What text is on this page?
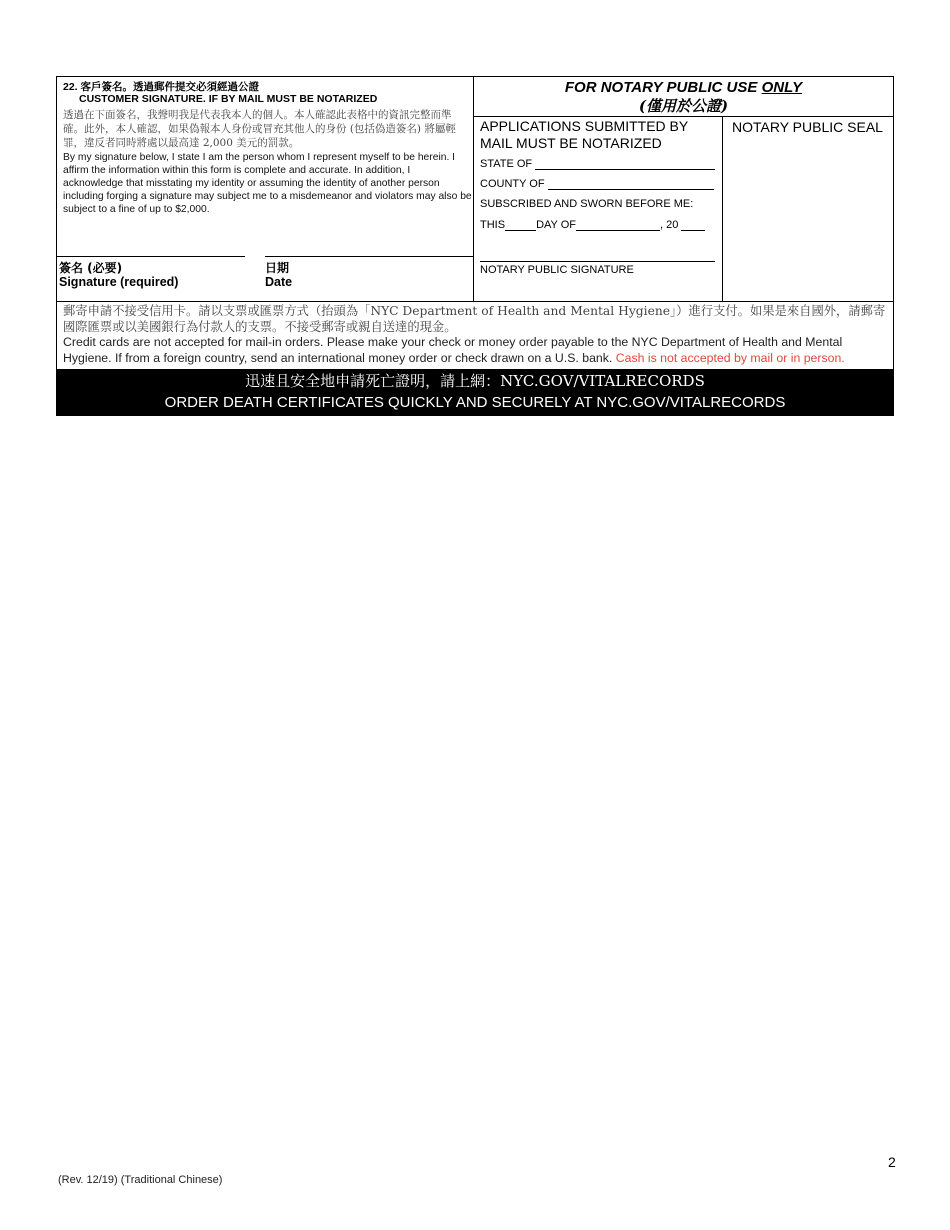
22. 客戶簽名。透過郵件提交必須經過公證
CUSTOMER SIGNATURE. IF BY MAIL MUST BE NOTARIZED
透過在下面簽名，我聲明我是代表我本人的個人。本人確認此表格中的資訊完整而準確。此外，本人確認，如果偽報本人身份或冒充其他人的身份 (包括偽造簽名) 將屬輕罪，違反者同時將處以最高達 2,000 美元的罰款。
By my signature below, I state I am the person whom I represent myself to be herein. I affirm the information within this form is complete and accurate. In addition, I acknowledge that misstating my identity or assuming the identity of another person including forging a signature may subject me to a misdemeanor and violators may also be subject to a fine of up to $2,000.
簽名 (必要)
Signature (required)
日期
Date
FOR NOTARY PUBLIC USE ONLY
(僅用於公證)
APPLICATIONS SUBMITTED BY MAIL MUST BE NOTARIZED
STATE OF
COUNTY OF
SUBSCRIBED AND SWORN BEFORE ME:
THIS	DAY OF	, 20
NOTARY PUBLIC SIGNATURE
NOTARY PUBLIC SEAL
郵寄申請不接受信用卡。請以支票或匯票方式（抬頭為「NYC Department of Health and Mental Hygiene」）進行支付。如果是來自國外，請郵寄國際匯票或以美國銀行為付款人的支票。不接受郵寄或親自送達的現金。
Credit cards are not accepted for mail-in orders. Please make your check or money order payable to the NYC Department of Health and Mental Hygiene. If from a foreign country, send an international money order or check drawn on a U.S. bank. Cash is not accepted by mail or in person.
迅速且安全地申請死亡證明，請上網：NYC.GOV/VITALRECORDS
ORDER DEATH CERTIFICATES QUICKLY AND SECURELY AT NYC.GOV/VITALRECORDS
2
(Rev. 12/19) (Traditional Chinese)
